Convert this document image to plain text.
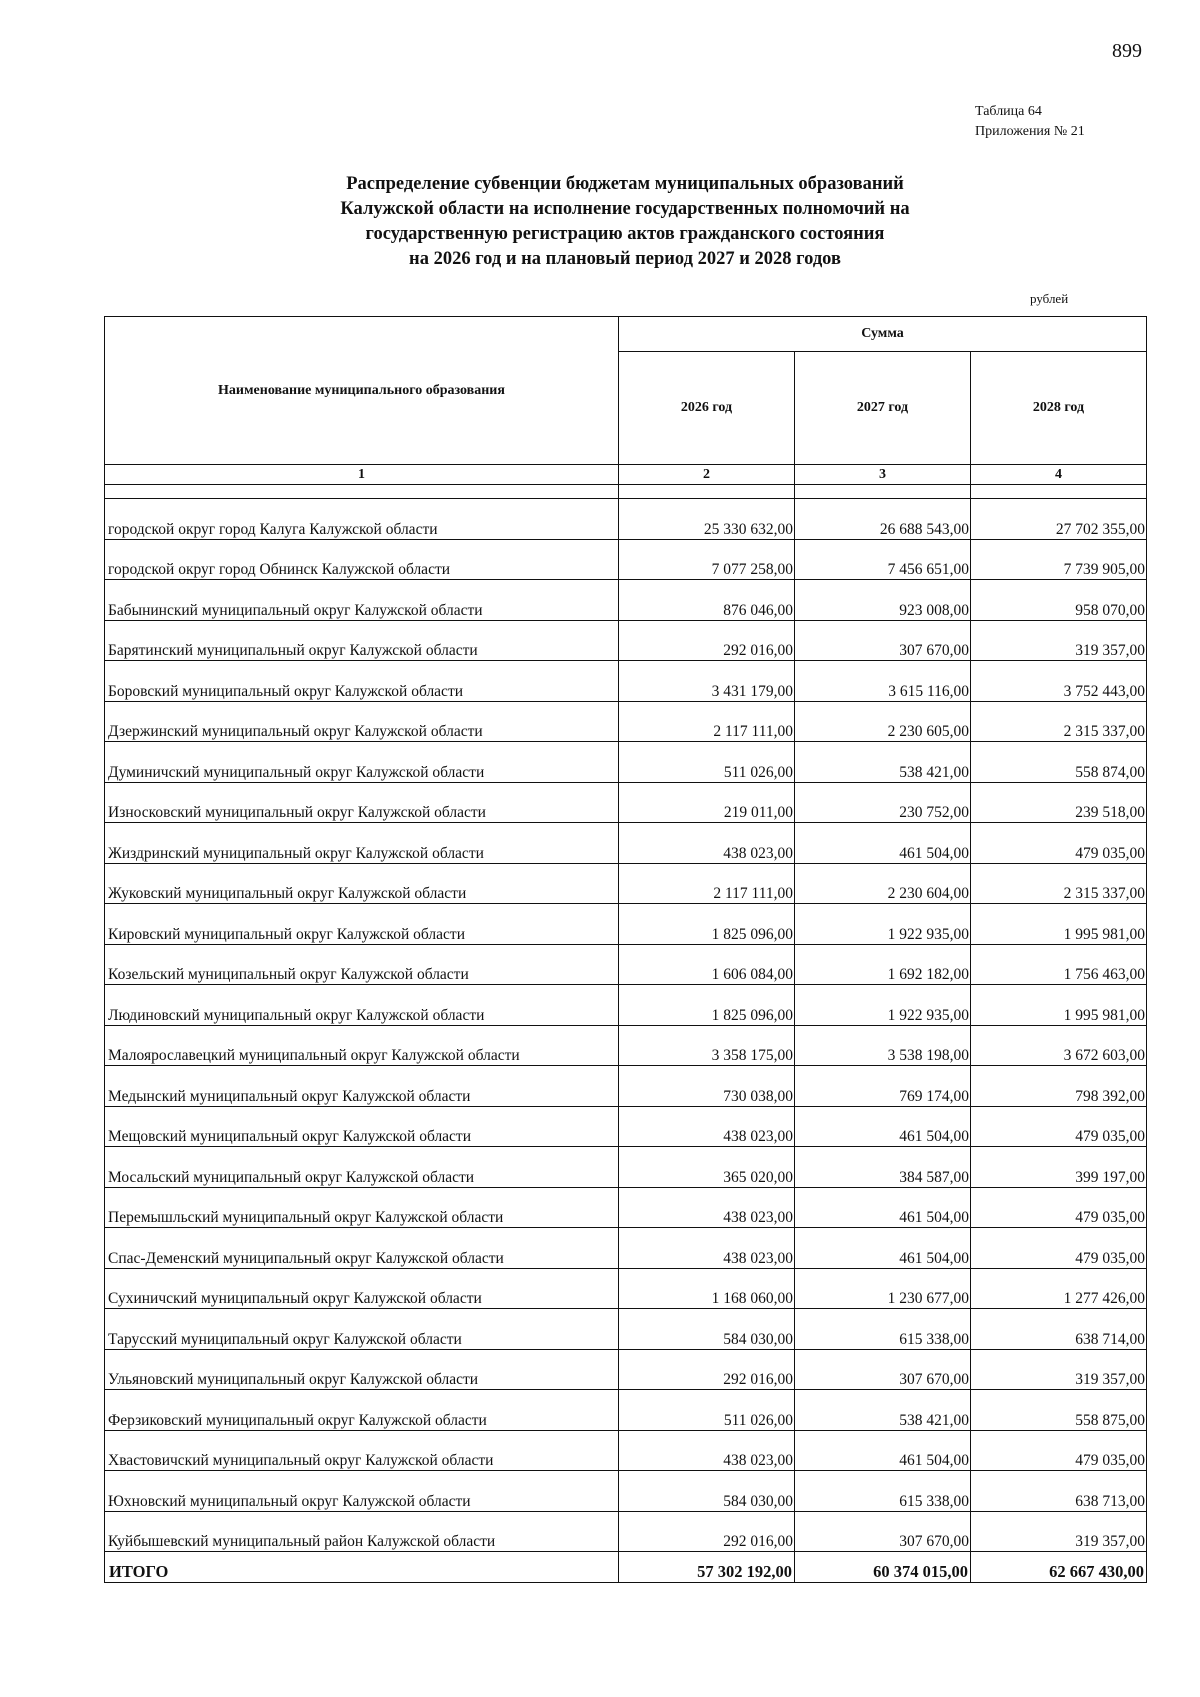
899
Таблица 64
Приложения № 21
Распределение субвенции бюджетам муниципальных образований
Калужской области на исполнение государственных полномочий на
государственную регистрацию актов гражданского состояния
на 2026 год и на плановый период 2027 и 2028 годов
рублей
Наименование муниципального образования	Сумма		
	2026 год	2027 год	2028 год
1	2	3	4

городской округ город Калуга Калужской области	25 330 632,00	26 688 543,00	27 702 355,00
городской округ город Обнинск Калужской области	7 077 258,00	7 456 651,00	7 739 905,00
Бабынинский муниципальный округ Калужской области	876 046,00	923 008,00	958 070,00
Барятинский муниципальный округ Калужской области	292 016,00	307 670,00	319 357,00
Боровский муниципальный округ Калужской области	3 431 179,00	3 615 116,00	3 752 443,00
Дзержинский муниципальный округ Калужской области	2 117 111,00	2 230 605,00	2 315 337,00
Думиничский муниципальный округ Калужской области	511 026,00	538 421,00	558 874,00
Износковский муниципальный округ Калужской области	219 011,00	230 752,00	239 518,00
Жиздринский муниципальный округ Калужской области	438 023,00	461 504,00	479 035,00
Жуковский муниципальный округ Калужской области	2 117 111,00	2 230 604,00	2 315 337,00
Кировский муниципальный округ Калужской области	1 825 096,00	1 922 935,00	1 995 981,00
Козельский муниципальный округ Калужской области	1 606 084,00	1 692 182,00	1 756 463,00
Людиновский муниципальный округ Калужской области	1 825 096,00	1 922 935,00	1 995 981,00
Малоярославецкий муниципальный округ Калужской области	3 358 175,00	3 538 198,00	3 672 603,00
Медынский муниципальный округ Калужской области	730 038,00	769 174,00	798 392,00
Мещовский муниципальный округ Калужской области	438 023,00	461 504,00	479 035,00
Мосальский муниципальный округ Калужской области	365 020,00	384 587,00	399 197,00
Перемышльский муниципальный округ Калужской области	438 023,00	461 504,00	479 035,00
Спас-Деменский муниципальный округ Калужской области	438 023,00	461 504,00	479 035,00
Сухиничский муниципальный округ Калужской области	1 168 060,00	1 230 677,00	1 277 426,00
Тарусский муниципальный округ Калужской области	584 030,00	615 338,00	638 714,00
Ульяновский муниципальный округ Калужской области	292 016,00	307 670,00	319 357,00
Ферзиковский муниципальный округ Калужской области	511 026,00	538 421,00	558 875,00
Хвастовичский муниципальный округ Калужской области	438 023,00	461 504,00	479 035,00
Юхновский муниципальный округ Калужской области	584 030,00	615 338,00	638 713,00
Куйбышевский муниципальный район Калужской области	292 016,00	307 670,00	319 357,00
ИТОГО	57 302 192,00	60 374 015,00	62 667 430,00
